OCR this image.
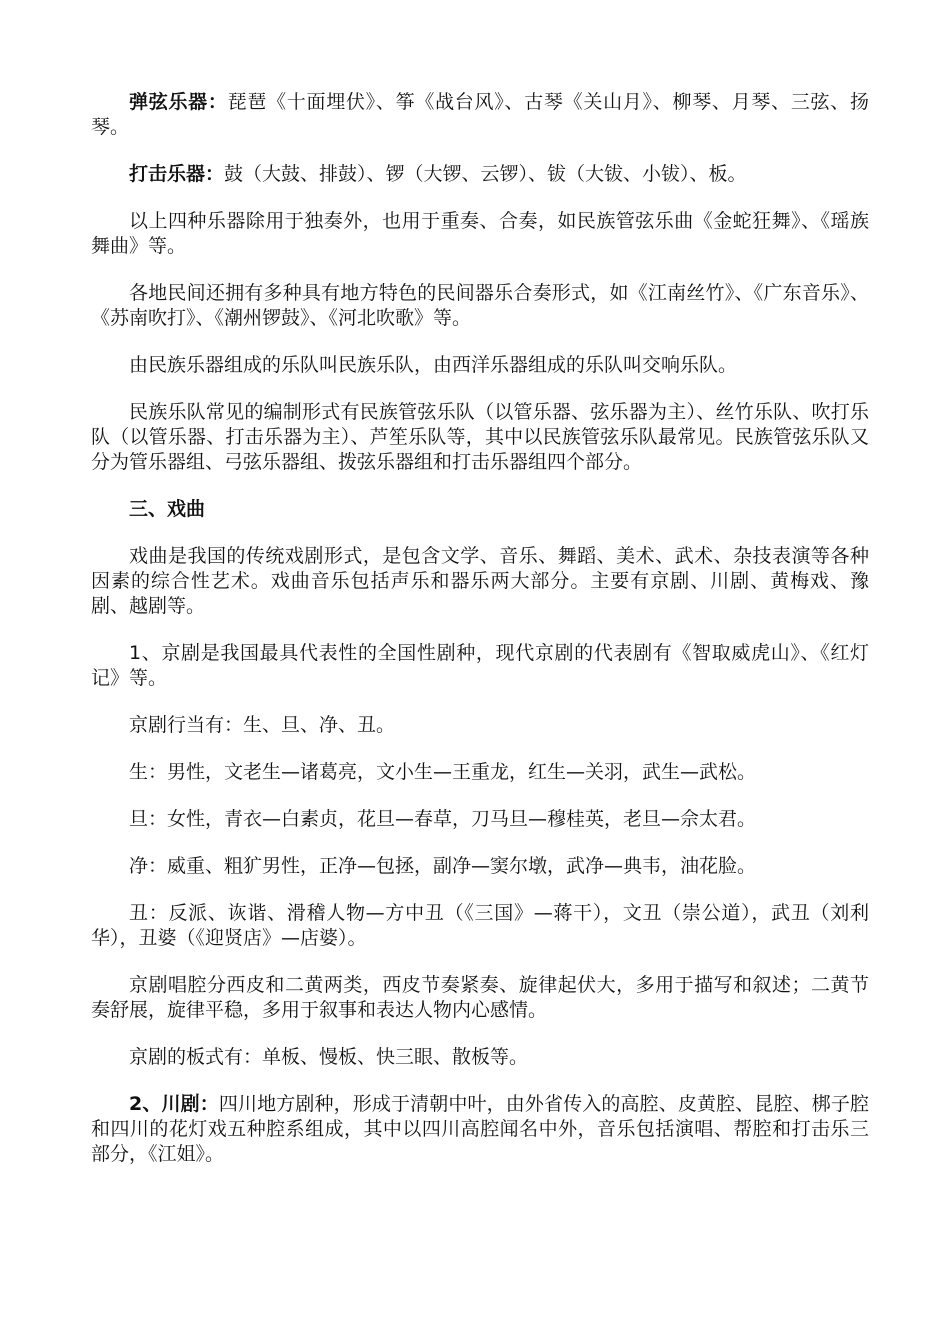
弹弦乐器：琵琶《十面埋伏》、筝《战台风》、古琴《关山月》、柳琴、月琴、三弦、扬琴。

打击乐器：鼓（大鼓、排鼓）、锣（大锣、云锣）、钹（大钹、小钹）、板。

以上四种乐器除用于独奏外，也用于重奏、合奏，如民族管弦乐曲《金蛇狂舞》、《瑶族舞曲》等。

各地民间还拥有多种具有地方特色的民间器乐合奏形式，如《江南丝竹》、《广东音乐》、《苏南吹打》、《潮州锣鼓》、《河北吹歌》等。

由民族乐器组成的乐队叫民族乐队，由西洋乐器组成的乐队叫交响乐队。

民族乐队常见的编制形式有民族管弦乐队（以管乐器、弦乐器为主）、丝竹乐队、吹打乐队（以管乐器、打击乐器为主）、芦笙乐队等，其中以民族管弦乐队最常见。民族管弦乐队又分为管乐器组、弓弦乐器组、拨弦乐器组和打击乐器组四个部分。

三、戏曲

戏曲是我国的传统戏剧形式，是包含文学、音乐、舞蹈、美术、武术、杂技表演等各种因素的综合性艺术。戏曲音乐包括声乐和器乐两大部分。主要有京剧、川剧、黄梅戏、豫剧、越剧等。

1、京剧是我国最具代表性的全国性剧种，现代京剧的代表剧有《智取威虎山》、《红灯记》等。

京剧行当有：生、旦、净、丑。

生：男性，文老生—诸葛亮，文小生—王重龙，红生—关羽，武生—武松。

旦：女性，青衣—白素贞，花旦—春草，刀马旦—穆桂英，老旦—佘太君。

净：威重、粗犷男性，正净—包拯，副净—窦尔墩，武净—典韦，油花脸。

丑：反派、诙谐、滑稽人物—方中丑（《三国》—蒋干），文丑（崇公道），武丑（刘利华），丑婆（《迎贤店》—店婆）。

京剧唱腔分西皮和二黄两类，西皮节奏紧奏、旋律起伏大，多用于描写和叙述；二黄节奏舒展，旋律平稳，多用于叙事和表达人物内心感情。

京剧的板式有：单板、慢板、快三眼、散板等。

2、川剧：四川地方剧种，形成于清朝中叶，由外省传入的高腔、皮黄腔、昆腔、梆子腔和四川的花灯戏五种腔系组成，其中以四川高腔闻名中外，音乐包括演唱、帮腔和打击乐三部分，《江姐》。
